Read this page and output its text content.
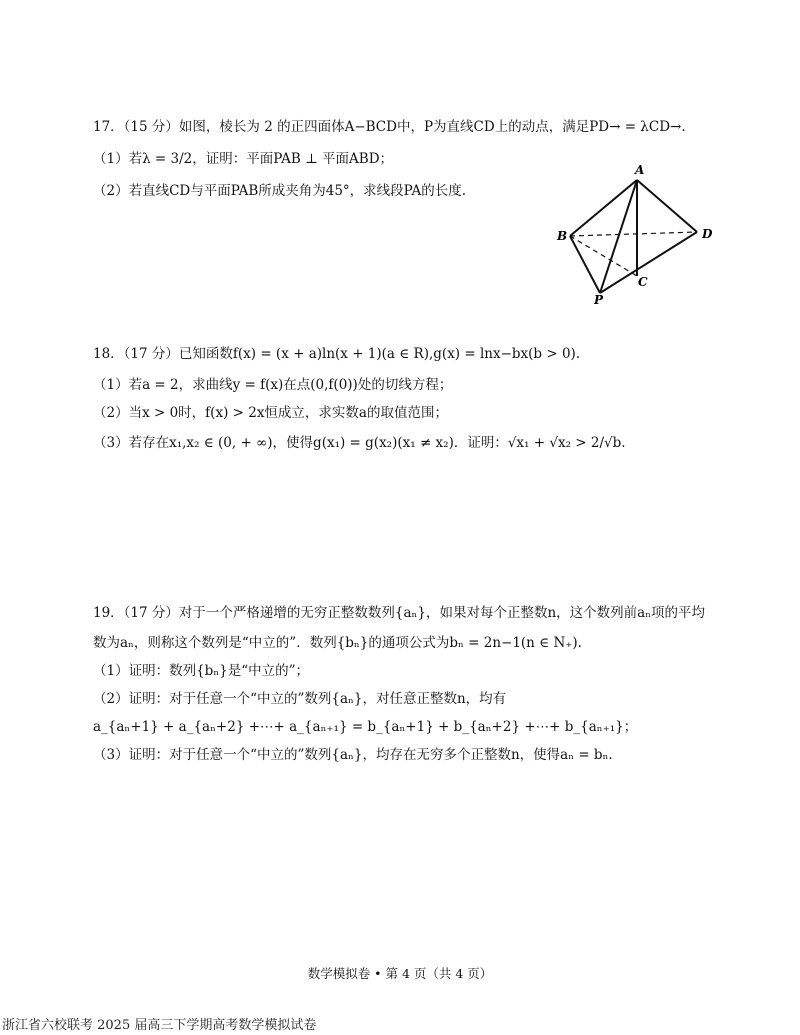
17．（15 分）如图，棱长为 2 的正四面体A−BCD中，P为直线CD上的动点，满足PD→ = λCD→.
（1）若λ = 3/2，证明：平面PAB ⊥ 平面ABD；
（2）若直线CD与平面PAB所成夹角为45°，求线段PA的长度.
A
B	D
C
P
18．（17 分）已知函数f(x) = (x + a)ln(x + 1)(a ∈ R),g(x) = lnx−bx(b > 0).
（1）若a = 2，求曲线y = f(x)在点(0,f(0))处的切线方程；
（2）当x > 0时，f(x) > 2x恒成立，求实数a的取值范围；
（3）若存在x₁,x₂ ∈ (0, + ∞)，使得g(x₁) = g(x₂)(x₁ ≠ x₂)．证明：√x₁ + √x₂ > 2/√b.
19．（17 分）对于一个严格递增的无穷正整数数列{aₙ}，如果对每个正整数n，这个数列前aₙ项的平均
数为aₙ，则称这个数列是“中立的”．数列{bₙ}的通项公式为bₙ = 2n−1(n ∈ N₊).
（1）证明：数列{bₙ}是“中立的”；
（2）证明：对于任意一个“中立的”数列{aₙ}，对任意正整数n，均有
a_{aₙ+1} + a_{aₙ+2} +⋯+ a_{aₙ₊₁} = b_{aₙ+1} + b_{aₙ+2} +⋯+ b_{aₙ₊₁}；
（3）证明：对于任意一个“中立的”数列{aₙ}，均存在无穷多个正整数n，使得aₙ = bₙ.
数学模拟卷 • 第 4 页（共 4 页）
浙江省六校联考 2025 届高三下学期高考数学模拟试卷
